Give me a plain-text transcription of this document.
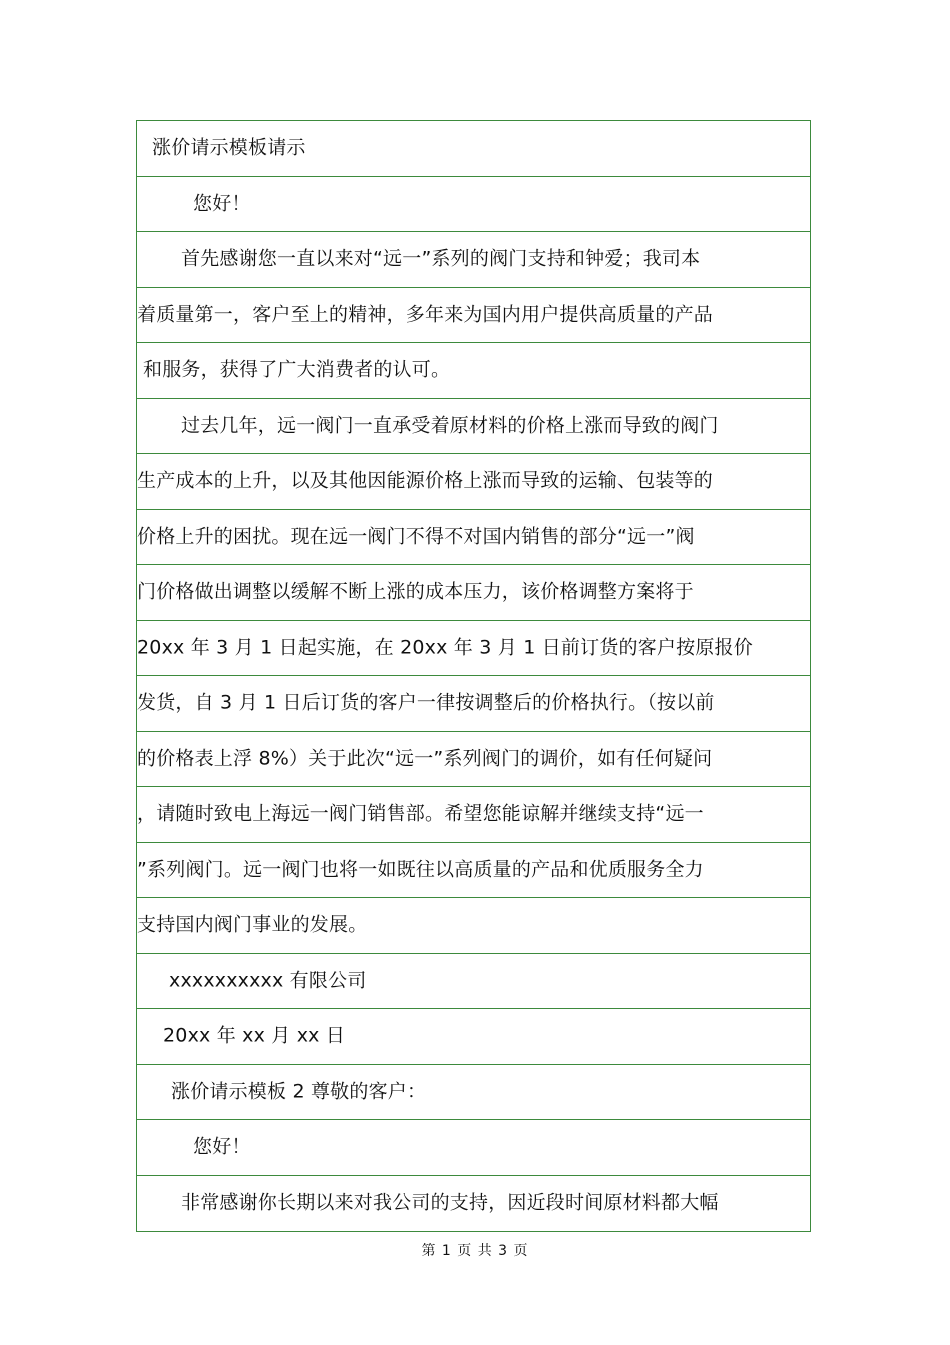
涨价请示模板请示
您好！
首先感谢您一直以来对“远一”系列的阀门支持和钟爱；我司本
着质量第一，客户至上的精神，多年来为国内用户提供高质量的产品
和服务，获得了广大消费者的认可。
过去几年，远一阀门一直承受着原材料的价格上涨而导致的阀门
生产成本的上升，以及其他因能源价格上涨而导致的运输、包装等的
价格上升的困扰。现在远一阀门不得不对国内销售的部分“远一”阀
门价格做出调整以缓解不断上涨的成本压力，该价格调整方案将于
20xx 年 3 月 1 日起实施，在 20xx 年 3 月 1 日前订货的客户按原报价
发货，自 3 月 1 日后订货的客户一律按调整后的价格执行。（按以前
的价格表上浮 8%）关于此次“远一”系列阀门的调价，如有任何疑问
，请随时致电上海远一阀门销售部。希望您能谅解并继续支持“远一
”系列阀门。远一阀门也将一如既往以高质量的产品和优质服务全力
支持国内阀门事业的发展。
xxxxxxxxxx 有限公司
20xx 年 xx 月 xx 日
涨价请示模板 2 尊敬的客户：
您好！
非常感谢你长期以来对我公司的支持，因近段时间原材料都大幅
第 1 页 共 3 页
